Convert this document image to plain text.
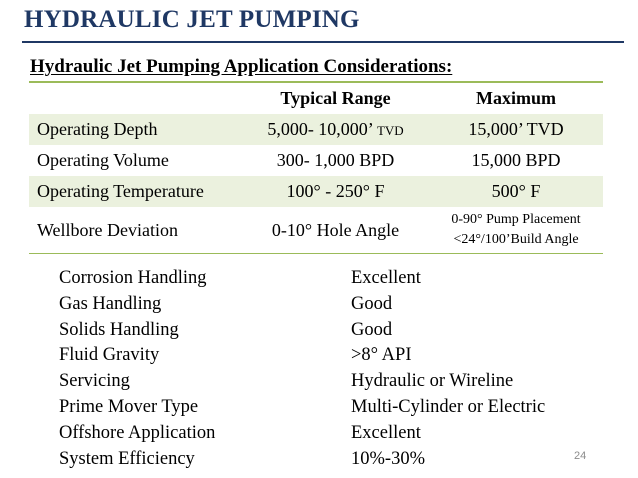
HYDRAULIC JET PUMPING
Hydraulic Jet Pumping Application Considerations:
	Typical Range	Maximum
Operating Depth	5,000- 10,000’ TVD	15,000’ TVD
Operating Volume	300- 1,000 BPD	15,000 BPD
Operating Temperature	100° - 250° F	500° F
Wellbore Deviation	0-10° Hole Angle	0-90° Pump Placement
<24°/100’Build Angle
Corrosion Handling	Excellent
Gas Handling	Good
Solids Handling	Good
Fluid Gravity	>8° API
Servicing	Hydraulic or Wireline
Prime Mover Type	Multi-Cylinder or Electric
Offshore Application	Excellent
System Efficiency	10%-30%	24
